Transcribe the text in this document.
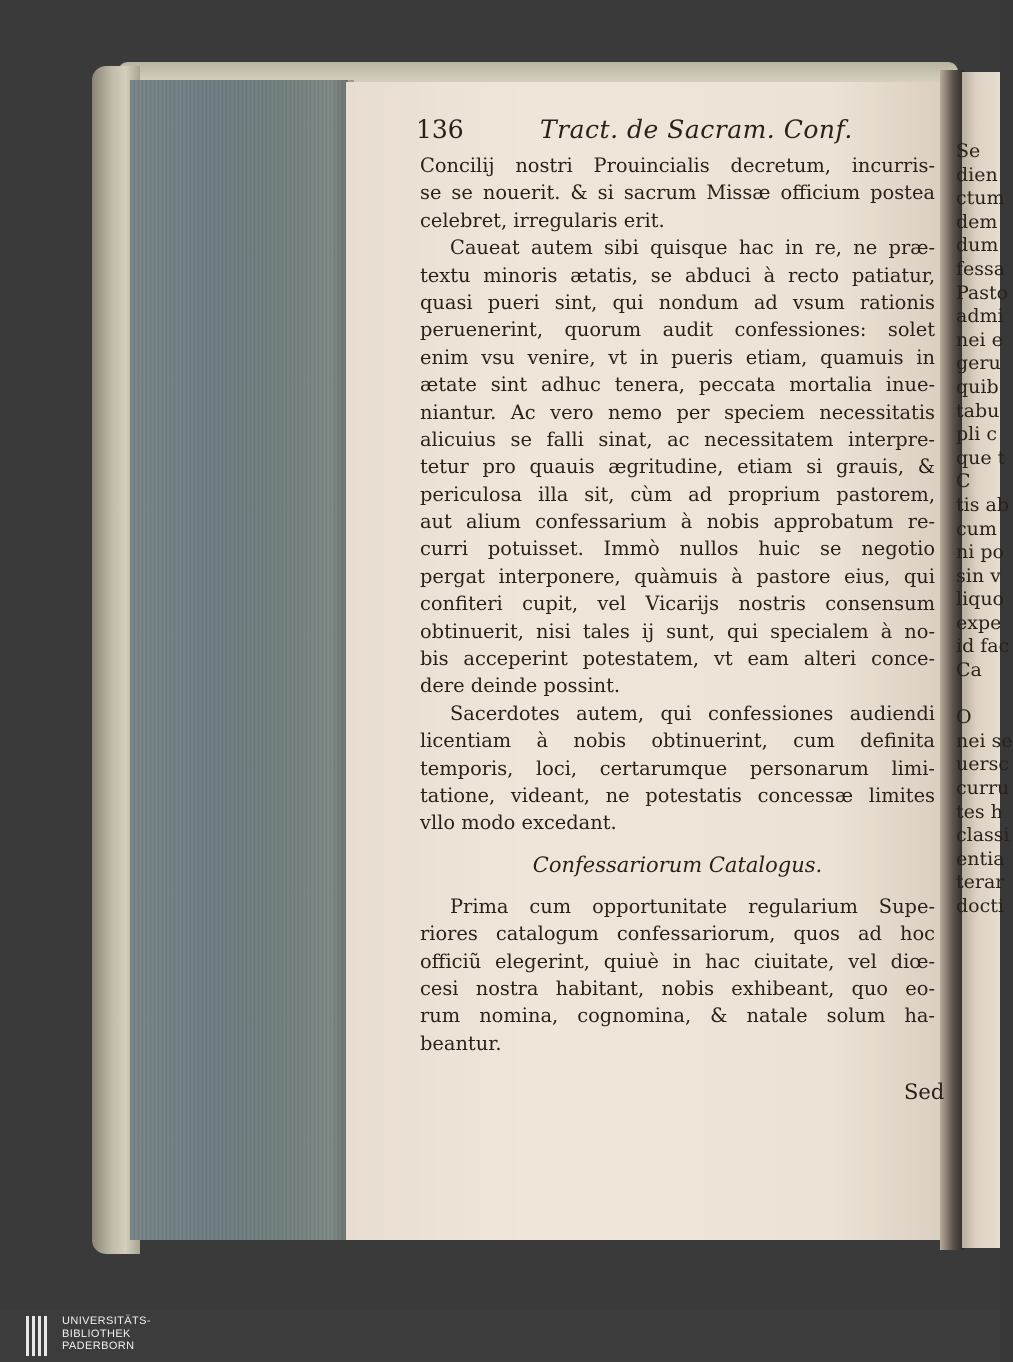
Se
dien
ctum
dem
dum
fessa
Pasto
admi
nei e
geru
quib
tabu
pli c
que t
C
tis ab
cum
ni po
sin v
liquo
expe
id fac
Ca
O
nei se
uersc
curru
tes h
classi
entia
terar
docti
136	Tract. de Sacram. Conf.
Concilij nostri Prouincialis decretum, incurris-
se se nouerit. & si sacrum Missæ officium postea
celebret, irregularis erit.
Caueat autem sibi quisque hac in re, ne præ-
textu minoris ætatis, se abduci à recto patiatur,
quasi pueri sint, qui nondum ad vsum rationis
peruenerint, quorum audit confessiones: solet
enim vsu venire, vt in pueris etiam, quamuis in
ætate sint adhuc tenera, peccata mortalia inue-
niantur. Ac vero nemo per speciem necessitatis
alicuius se falli sinat, ac necessitatem interpre-
tetur pro quauis ægritudine, etiam si grauis, &
periculosa illa sit, cùm ad proprium pastorem,
aut alium confessarium à nobis approbatum re-
curri potuisset. Immò nullos huic se negotio
pergat interponere, quàmuis à pastore eius, qui
confiteri cupit, vel Vicarijs nostris consensum
obtinuerit, nisi tales ij sunt, qui specialem à no-
bis acceperint potestatem, vt eam alteri conce-
dere deinde possint.
Sacerdotes autem, qui confessiones audiendi
licentiam à nobis obtinuerint, cum definita
temporis, loci, certarumque personarum limi-
tatione, videant, ne potestatis concessæ limites
vllo modo excedant.
Confessariorum Catalogus.
Prima cum opportunitate regularium Supe-
riores catalogum confessariorum, quos ad hoc
officiũ elegerint, quiuè in hac ciuitate, vel diœ-
cesi nostra habitant, nobis exhibeant, quo eo-
rum nomina, cognomina, & natale solum ha-
beantur.
Sed
UNIVERSITÄTS-
BIBLIOTHEK
PADERBORN
